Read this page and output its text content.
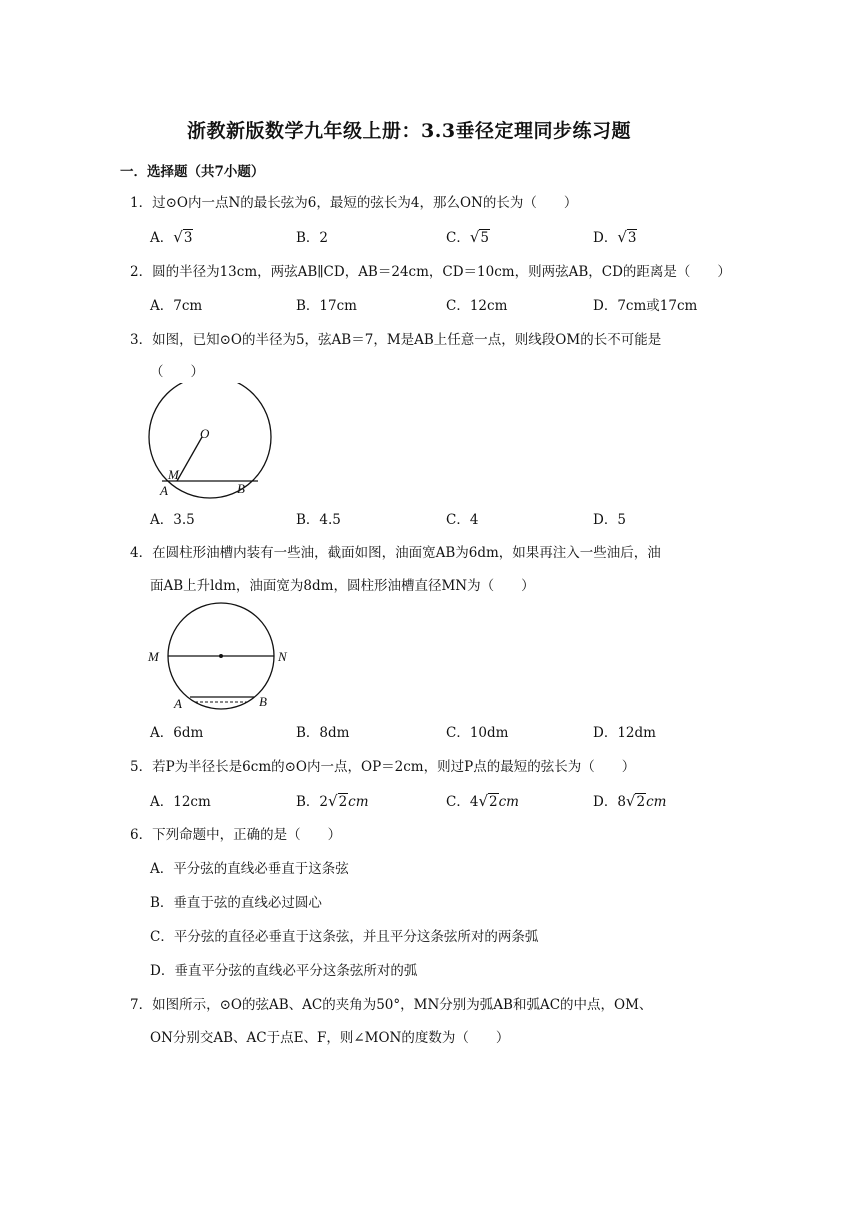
浙教新版数学九年级上册：3.3垂径定理同步练习题
一．选择题（共7小题）
1．过⊙O内一点N的最长弦为6，最短的弦长为4，那么ON的长为（　　）
A．√3	B．2	C．√5	D．√3
2．圆的半径为13cm，两弦AB∥CD，AB＝24cm，CD＝10cm，则两弦AB，CD的距离是（　　）
A．7cm	B．17cm	C．12cm	D．7cm或17cm
3．如图，已知⊙O的半径为5，弦AB＝7，M是AB上任意一点，则线段OM的长不可能是
（　　）
O
M
A	B
A．3.5	B．4.5	C．4	D．5
4．在圆柱形油槽内装有一些油，截面如图，油面宽AB为6dm，如果再注入一些油后，油
面AB上升ldm，油面宽为8dm，圆柱形油槽直径MN为（　　）
M	N
A	B
A．6dm	B．8dm	C．10dm	D．12dm
5．若P为半径长是6cm的⊙O内一点，OP＝2cm，则过P点的最短的弦长为（　　）
A．12cm	B．2√2cm	C．4√2cm	D．8√2cm
6．下列命题中，正确的是（　　）
A．平分弦的直线必垂直于这条弦
B．垂直于弦的直线必过圆心
C．平分弦的直径必垂直于这条弦，并且平分这条弦所对的两条弧
D．垂直平分弦的直线必平分这条弦所对的弧
7．如图所示，⊙O的弦AB、AC的夹角为50°，MN分别为弧AB和弧AC的中点，OM、
ON分别交AB、AC于点E、F，则∠MON的度数为（　　）
